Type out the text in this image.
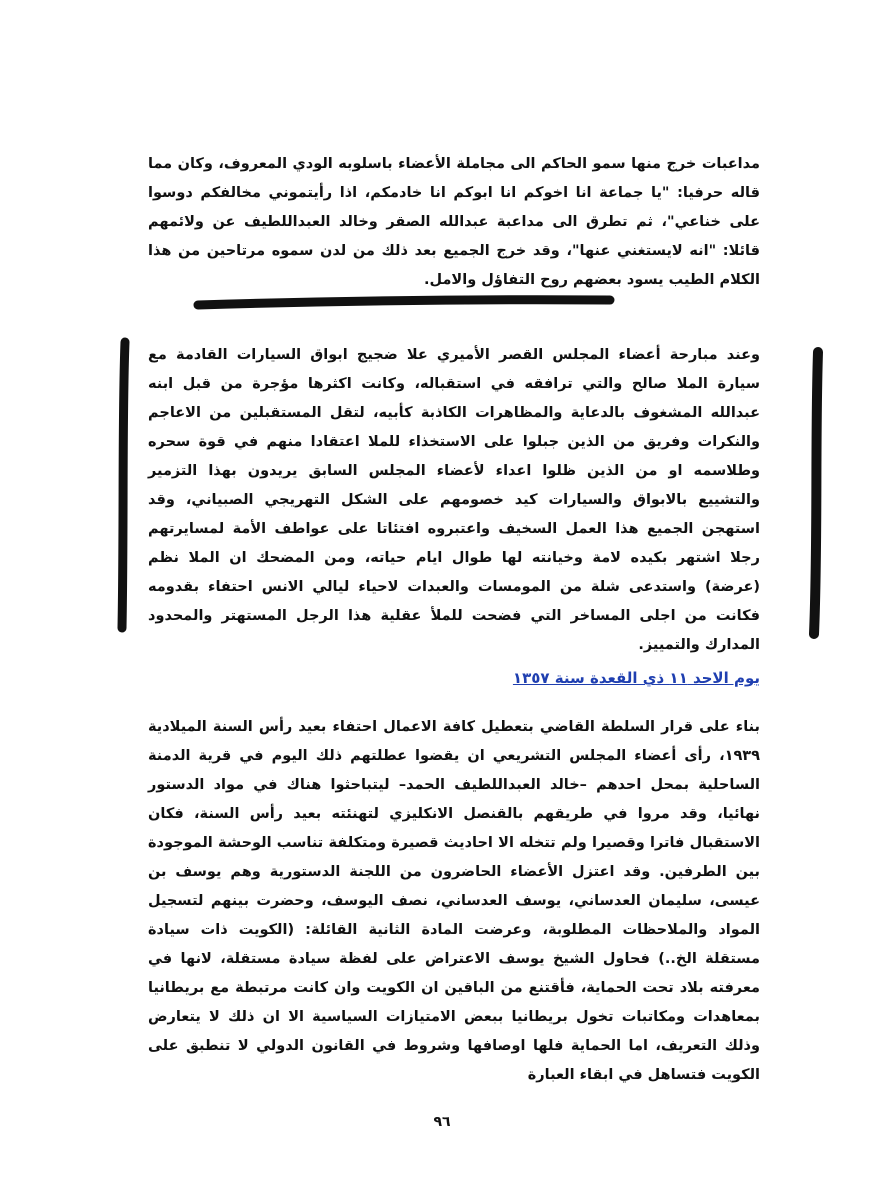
مداعبات خرج منها سمو الحاكم الى مجاملة الأعضاء باسلوبه الودي المعروف، وكان مما قاله حرفيا: "يا جماعة انا اخوكم انا ابوكم انا خادمكم، اذا رأيتموني مخالفكم دوسوا على خناعي"، ثم تطرق الى مداعبة عبدالله الصقر وخالد العبداللطيف عن ولائمهم قائلا: "انه لايستغني عنها"، وقد خرج الجميع بعد ذلك من لدن سموه مرتاحين من هذا الكلام الطيب يسود بعضهم روح التفاؤل والامل.

وعند مبارحة أعضاء المجلس القصر الأميري علا ضجيج ابواق السيارات القادمة مع سيارة الملا صالح والتي ترافقه في استقباله، وكانت اكثرها مؤجرة من قبل ابنه عبدالله المشغوف بالدعاية والمظاهرات الكاذبة كأبيه، لتقل المستقبلين من الاعاجم والنكرات وفريق من الذين جبلوا على الاستخذاء للملا اعتقادا منهم في قوة سحره وطلاسمه او من الذين ظلوا اعداء لأعضاء المجلس السابق يريدون بهذا التزمير والتشييع بالابواق والسيارات كيد خصومهم على الشكل التهريجي الصبياني، وقد استهجن الجميع هذا العمل السخيف واعتبروه افتئاتا على عواطف الأمة لمسايرتهم رجلا اشتهر بكيده لامة وخيانته لها طوال ايام حياته، ومن المضحك ان الملا نظم (عرضة) واستدعى شلة من المومسات والعبدات لاحياء ليالي الانس احتفاء بقدومه فكانت من اجلى المساخر التي فضحت للملأ عقلية هذا الرجل المستهتر والمحدود المدارك والتمييز.

يوم الاحد ١١ ذي القعدة سنة ١٣٥٧

بناء على قرار السلطة القاضي بتعطيل كافة الاعمال احتفاء بعيد رأس السنة الميلادية ١٩٣٩، رأى أعضاء المجلس التشريعي ان يقضوا عطلتهم ذلك اليوم في قرية الدمنة الساحلية بمحل احدهم –خالد العبداللطيف الحمد– ليتباحثوا هناك في مواد الدستور نهائيا، وقد مروا في طريقهم بالقنصل الانكليزي لتهنئته بعيد رأس السنة، فكان الاستقبال فاترا وقصيرا ولم تتخله الا احاديث قصيرة ومتكلفة تناسب الوحشة الموجودة بين الطرفين. وقد اعتزل الأعضاء الحاضرون من اللجنة الدستورية وهم يوسف بن عيسى، سليمان العدساني، يوسف العدساني، نصف اليوسف، وحضرت بينهم لتسجيل المواد والملاحظات المطلوبة، وعرضت المادة الثانية القائلة: (الكويت ذات سيادة مستقلة الخ..) فحاول الشيخ يوسف الاعتراض على لفظة سيادة مستقلة، لانها في معرفته بلاد تحت الحماية، فأقتنع من الباقين ان الكويت وان كانت مرتبطة مع بريطانيا بمعاهدات ومكاتبات تخول بريطانيا ببعض الامتيازات السياسية الا ان ذلك لا يتعارض وذلك التعريف، اما الحماية فلها اوصافها وشروط في القانون الدولي لا تنطبق على الكويت فتساهل في ابقاء العبارة

٩٦
